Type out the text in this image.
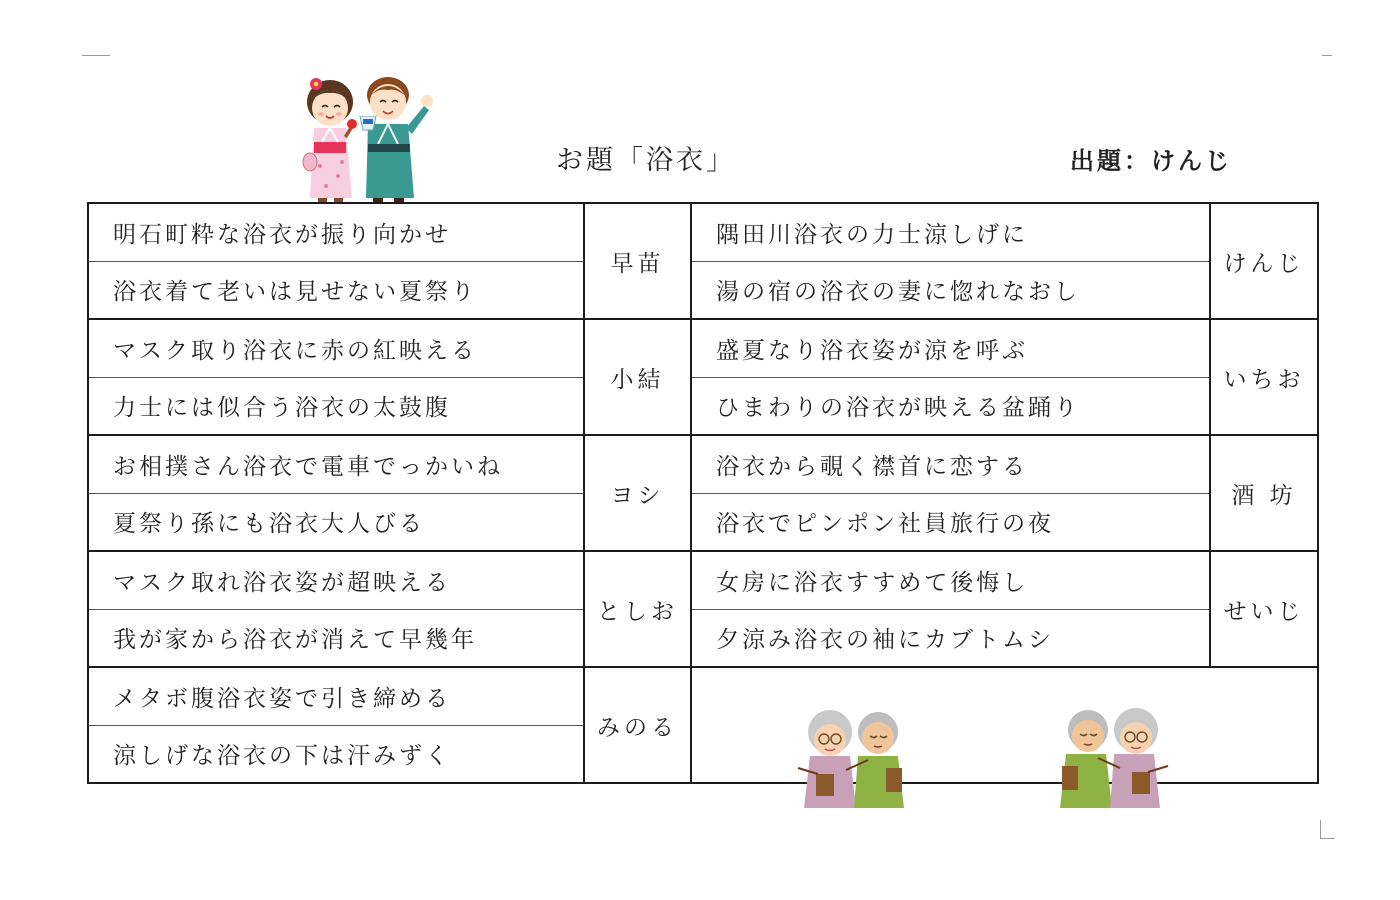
お題「浴衣」	出題：けんじ
明石町粋な浴衣が振り向かせ	早苗	隅田川浴衣の力士涼しげに	けんじ
浴衣着て老いは見せない夏祭り		湯の宿の浴衣の妻に惚れなおし	
マスク取り浴衣に赤の紅映える	小結	盛夏なり浴衣姿が涼を呼ぶ	いちお
力士には似合う浴衣の太鼓腹		ひまわりの浴衣が映える盆踊り	
お相撲さん浴衣で電車でっかいね	ヨシ	浴衣から覗く襟首に恋する	酒 坊
夏祭り孫にも浴衣大人びる		浴衣でピンポン社員旅行の夜	
マスク取れ浴衣姿が超映える	としお	女房に浴衣すすめて後悔し	せいじ
我が家から浴衣が消えて早幾年		夕涼み浴衣の袖にカブトムシ	
メタボ腹浴衣姿で引き締める	みのる		
涼しげな浴衣の下は汗みずく			
